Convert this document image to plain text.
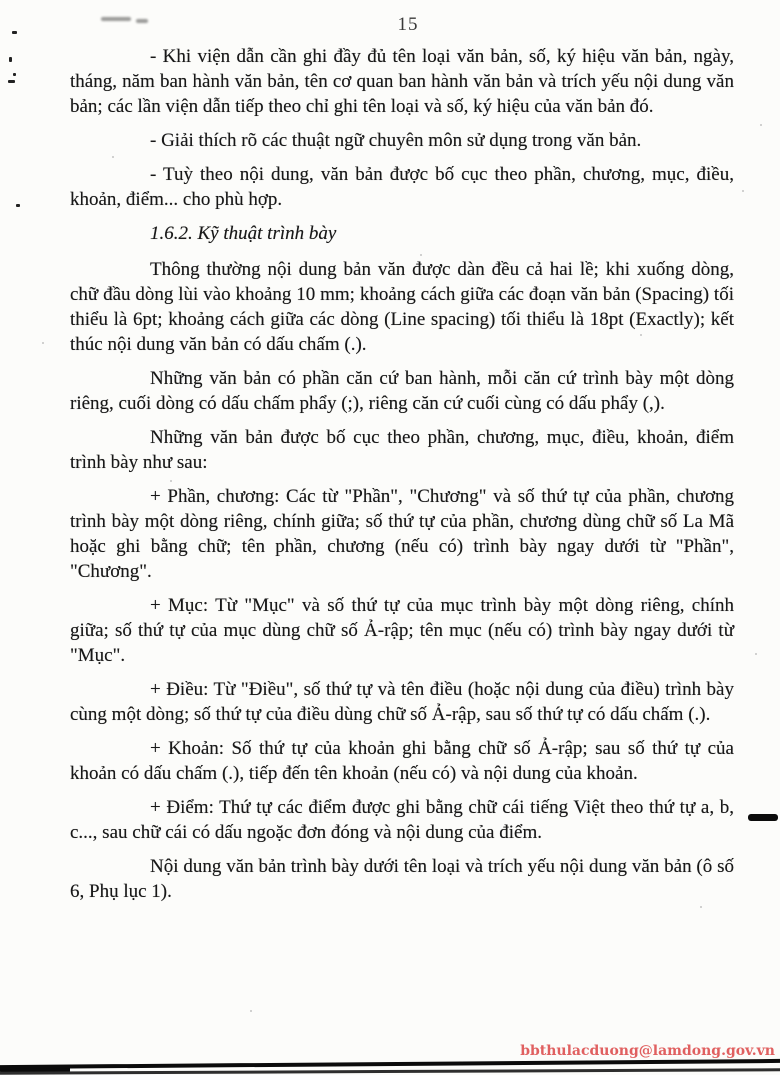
15

- Khi viện dẫn cần ghi đầy đủ tên loại văn bản, số, ký hiệu văn bản, ngày, tháng, năm ban hành văn bản, tên cơ quan ban hành văn bản và trích yếu nội dung văn bản; các lần viện dẫn tiếp theo chỉ ghi tên loại và số, ký hiệu của văn bản đó.

- Giải thích rõ các thuật ngữ chuyên môn sử dụng trong văn bản.

- Tuỳ theo nội dung, văn bản được bố cục theo phần, chương, mục, điều, khoản, điểm... cho phù hợp.

1.6.2. Kỹ thuật trình bày

Thông thường nội dung bản văn được dàn đều cả hai lề; khi xuống dòng, chữ đầu dòng lùi vào khoảng 10 mm; khoảng cách giữa các đoạn văn bản (Spacing) tối thiểu là 6pt; khoảng cách giữa các dòng (Line spacing) tối thiểu là 18pt (Exactly); kết thúc nội dung văn bản có dấu chấm (.).

Những văn bản có phần căn cứ ban hành, mỗi căn cứ trình bày một dòng riêng, cuối dòng có dấu chấm phẩy (;), riêng căn cứ cuối cùng có dấu phẩy (,).

Những văn bản được bố cục theo phần, chương, mục, điều, khoản, điểm trình bày như sau:

+ Phần, chương: Các từ "Phần", "Chương" và số thứ tự của phần, chương trình bày một dòng riêng, chính giữa; số thứ tự của phần, chương dùng chữ số La Mã hoặc ghi bằng chữ; tên phần, chương (nếu có) trình bày ngay dưới từ "Phần", "Chương".

+ Mục: Từ "Mục" và số thứ tự của mục trình bày một dòng riêng, chính giữa; số thứ tự của mục dùng chữ số Ả-rập; tên mục (nếu có) trình bày ngay dưới từ "Mục".

+ Điều: Từ "Điều", số thứ tự và tên điều (hoặc nội dung của điều) trình bày cùng một dòng; số thứ tự của điều dùng chữ số Ả-rập, sau số thứ tự có dấu chấm (.).

+ Khoản: Số thứ tự của khoản ghi bằng chữ số Ả-rập; sau số thứ tự của khoản có dấu chấm (.), tiếp đến tên khoản (nếu có) và nội dung của khoản.

+ Điểm: Thứ tự các điểm được ghi bằng chữ cái tiếng Việt theo thứ tự a, b, c..., sau chữ cái có dấu ngoặc đơn đóng và nội dung của điểm.

Nội dung văn bản trình bày dưới tên loại và trích yếu nội dung văn bản (ô số 6, Phụ lục 1).

bbthulacduong@lamdong.gov.vn
